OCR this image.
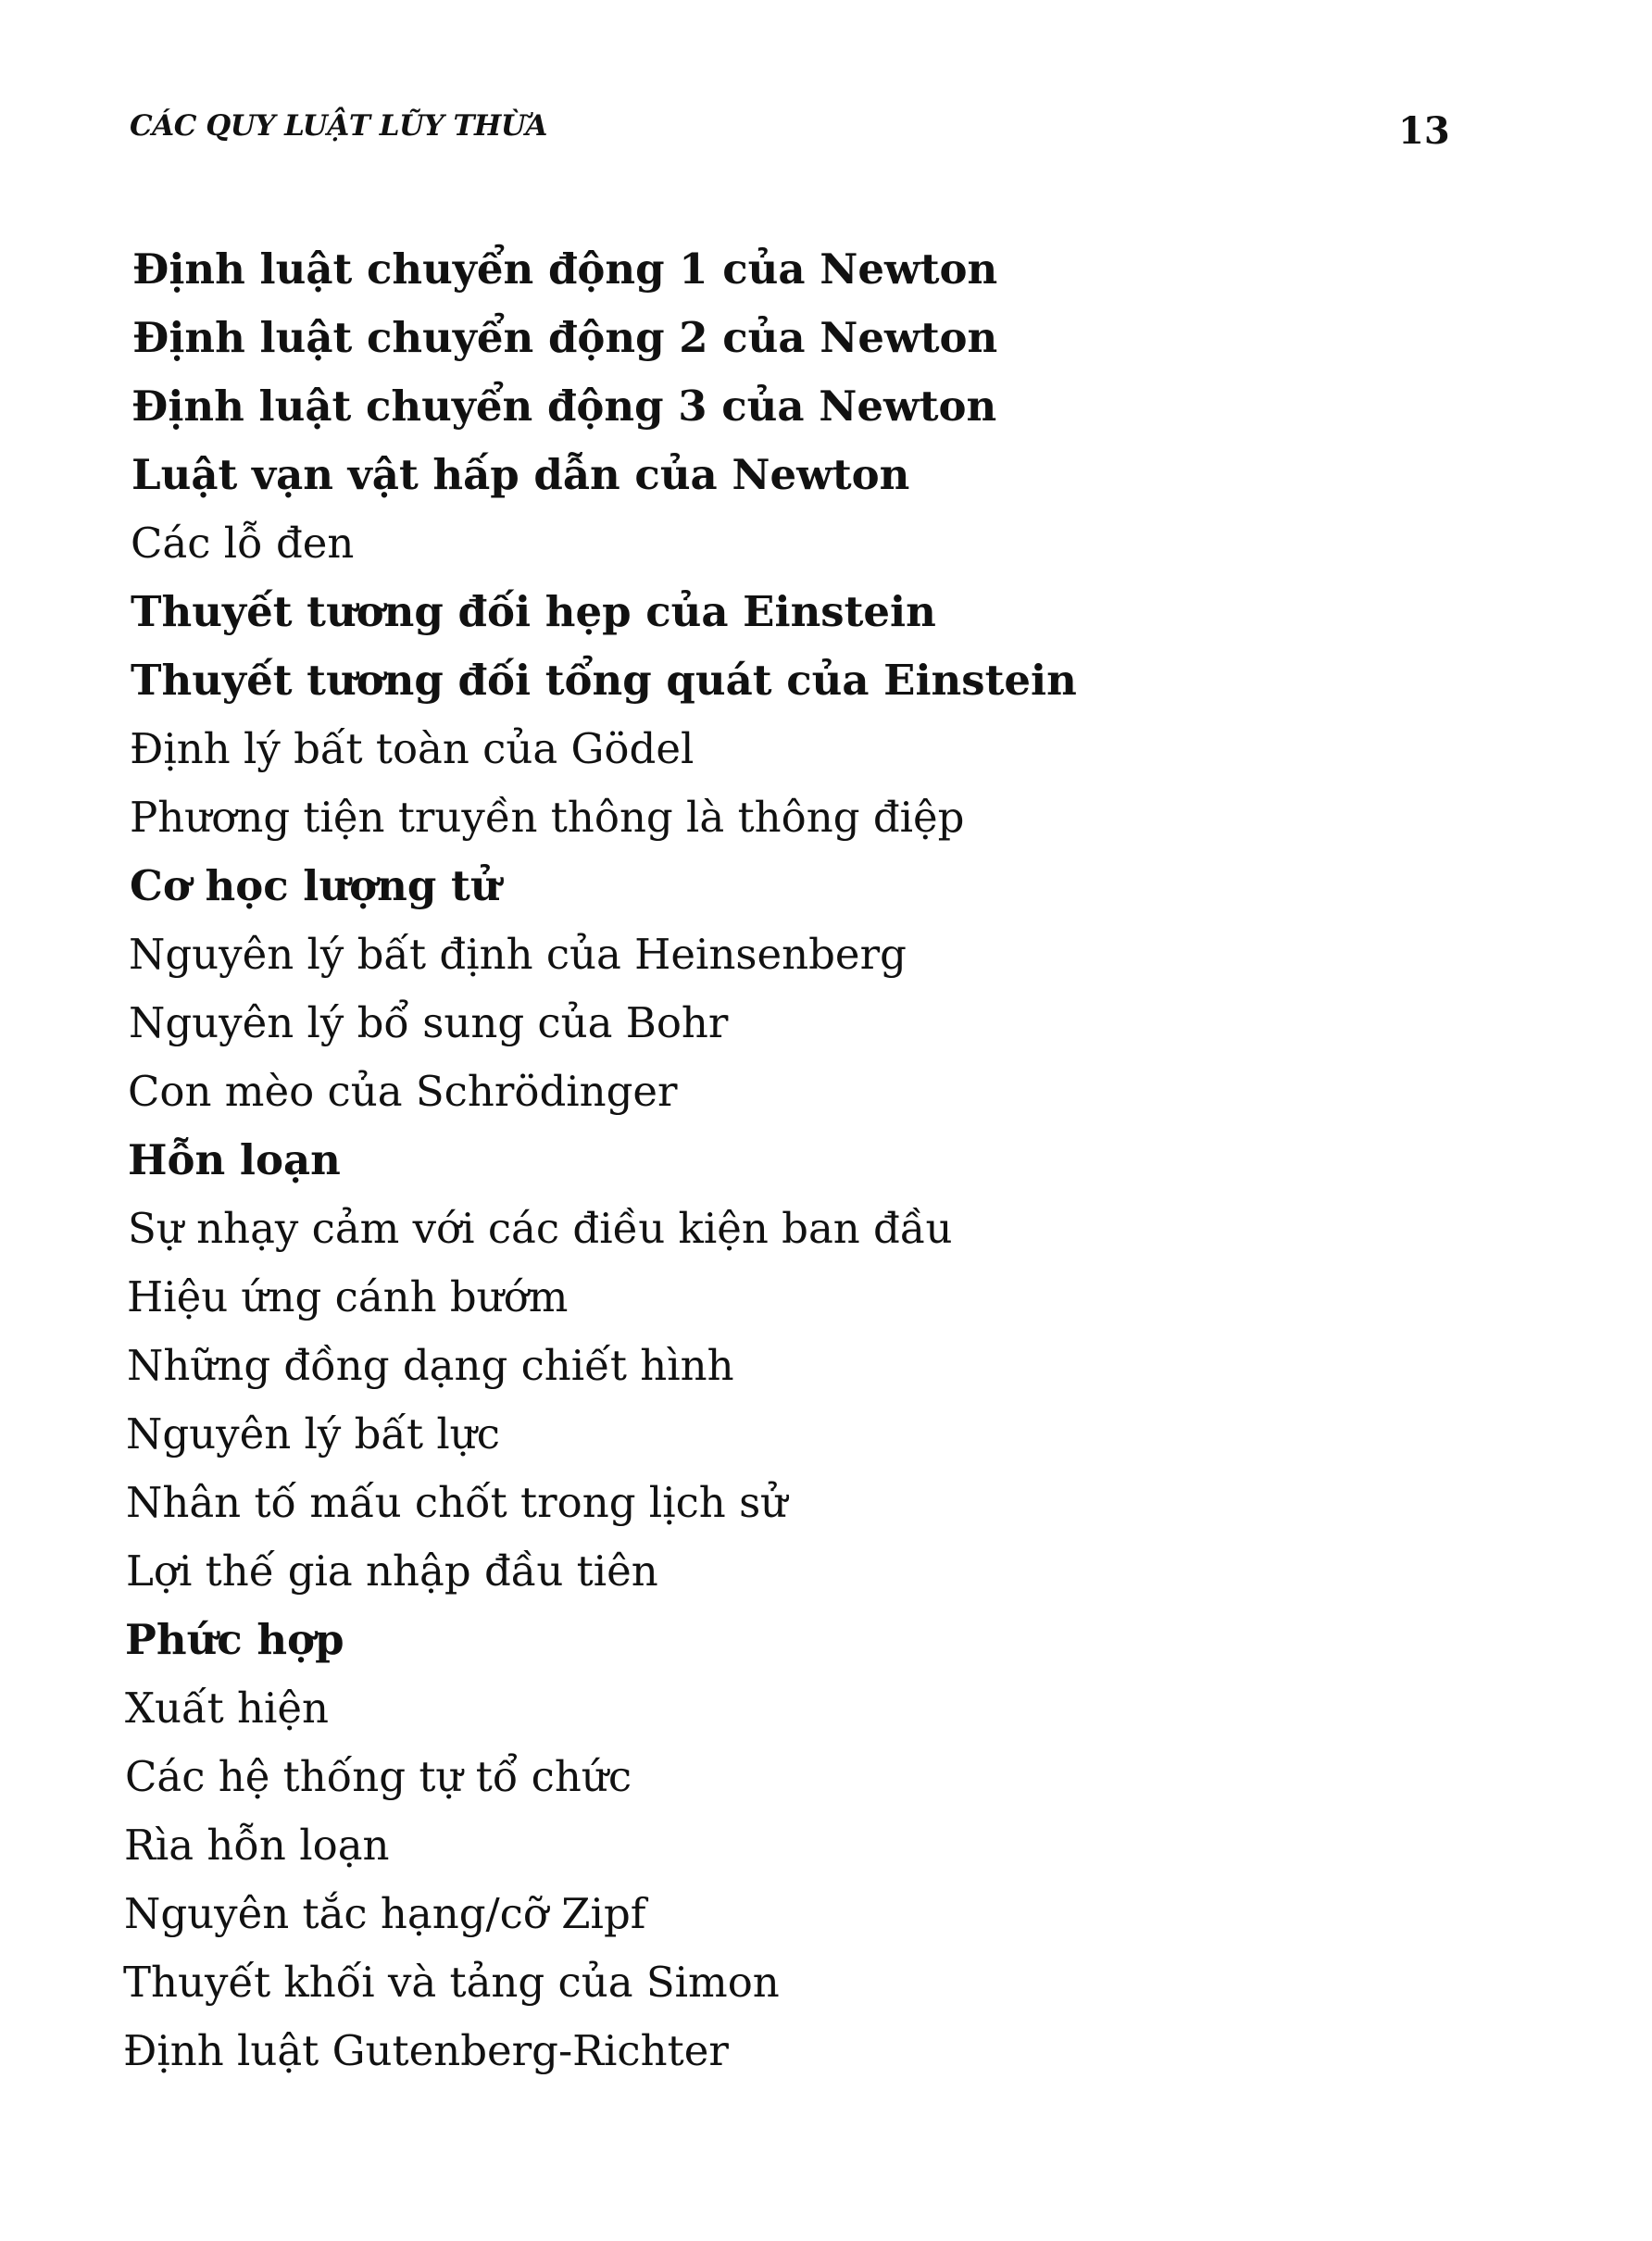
CÁC QUY LUẬT LŨY THỪA	13
Định luật chuyển động 1 của Newton
Định luật chuyển động 2 của Newton
Định luật chuyển động 3 của Newton
Luật vạn vật hấp dẫn của Newton
Các lỗ đen
Thuyết tương đối hẹp của Einstein
Thuyết tương đối tổng quát của Einstein
Định lý bất toàn của Gödel
Phương tiện truyền thông là thông điệp
Cơ học lượng tử
Nguyên lý bất định của Heinsenberg
Nguyên lý bổ sung của Bohr
Con mèo của Schrödinger
Hỗn loạn
Sự nhạy cảm với các điều kiện ban đầu
Hiệu ứng cánh bướm
Những đồng dạng chiết hình
Nguyên lý bất lực
Nhân tố mấu chốt trong lịch sử
Lợi thế gia nhập đầu tiên
Phức hợp
Xuất hiện
Các hệ thống tự tổ chức
Rìa hỗn loạn
Nguyên tắc hạng/cỡ Zipf
Thuyết khối và tảng của Simon
Định luật Gutenberg-Richter
